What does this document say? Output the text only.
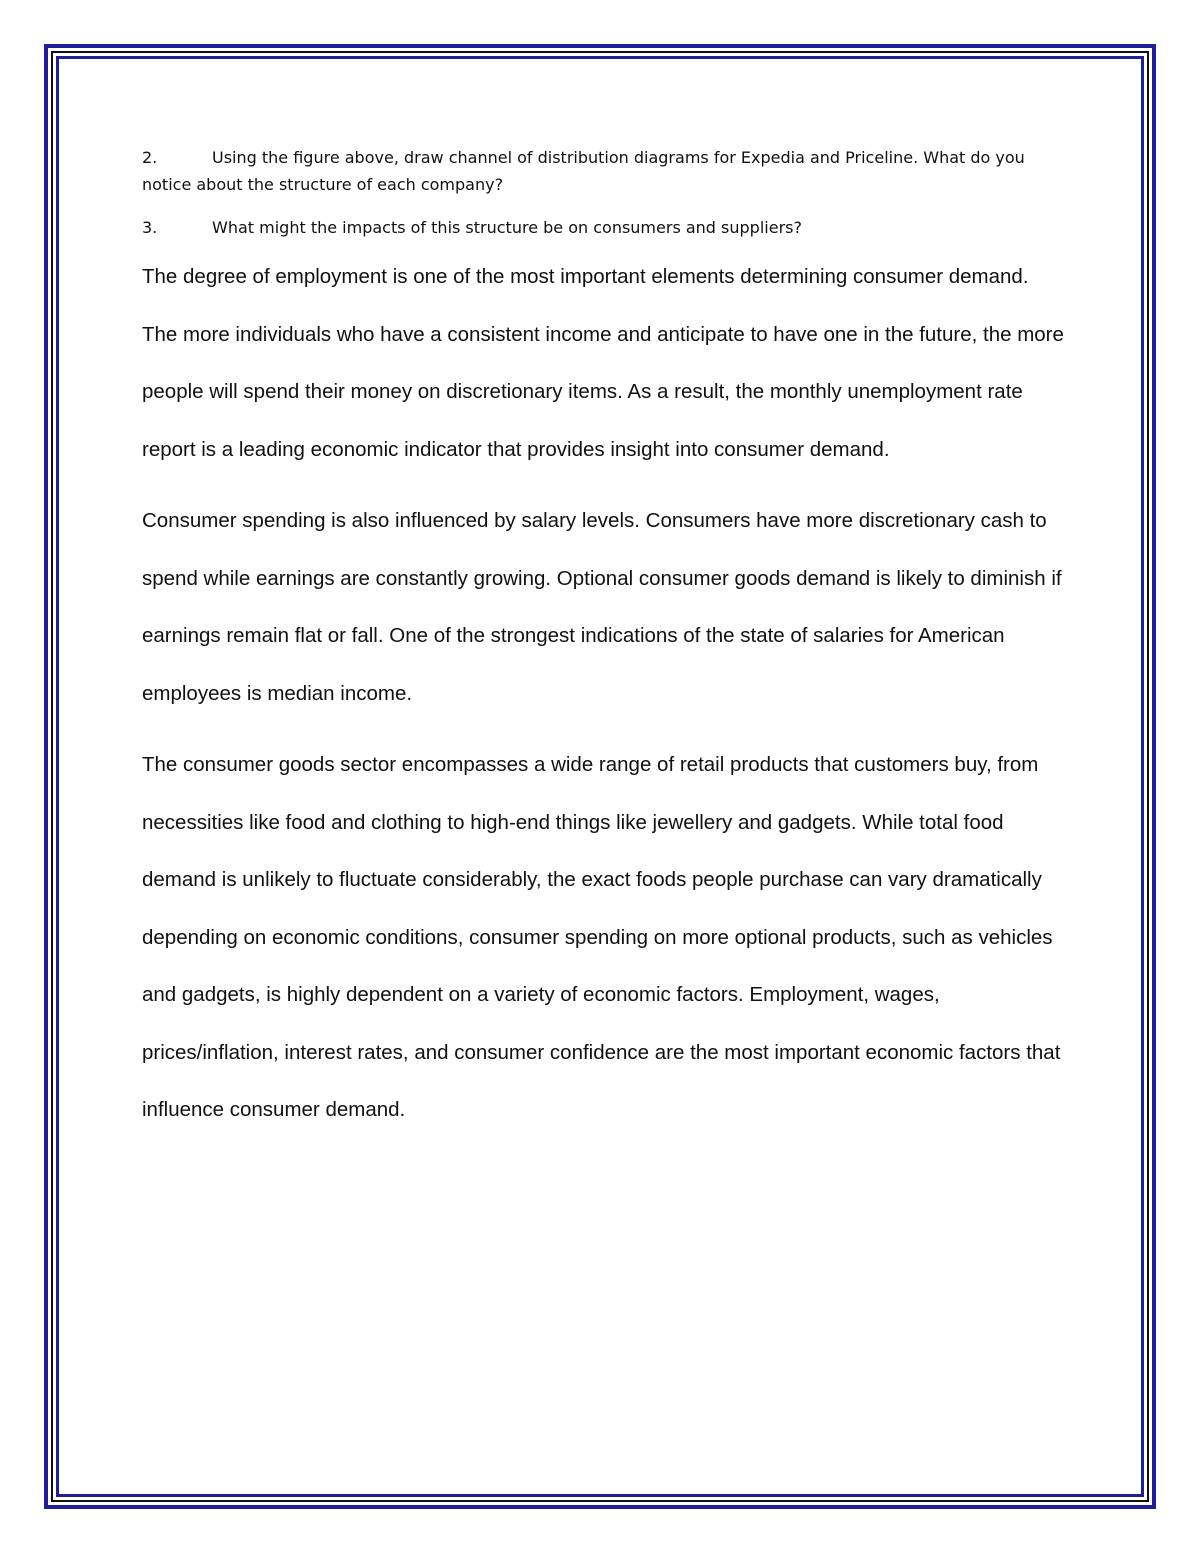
2.	Using the figure above, draw channel of distribution diagrams for Expedia and Priceline. What do you notice about the structure of each company?
3.	What might the impacts of this structure be on consumers and suppliers?

The degree of employment is one of the most important elements determining consumer demand. The more individuals who have a consistent income and anticipate to have one in the future, the more people will spend their money on discretionary items. As a result, the monthly unemployment rate report is a leading economic indicator that provides insight into consumer demand.

Consumer spending is also influenced by salary levels. Consumers have more discretionary cash to spend while earnings are constantly growing. Optional consumer goods demand is likely to diminish if earnings remain flat or fall. One of the strongest indications of the state of salaries for American employees is median income.

The consumer goods sector encompasses a wide range of retail products that customers buy, from necessities like food and clothing to high-end things like jewellery and gadgets. While total food demand is unlikely to fluctuate considerably, the exact foods people purchase can vary dramatically depending on economic conditions, consumer spending on more optional products, such as vehicles and gadgets, is highly dependent on a variety of economic factors. Employment, wages, prices/inflation, interest rates, and consumer confidence are the most important economic factors that influence consumer demand.
